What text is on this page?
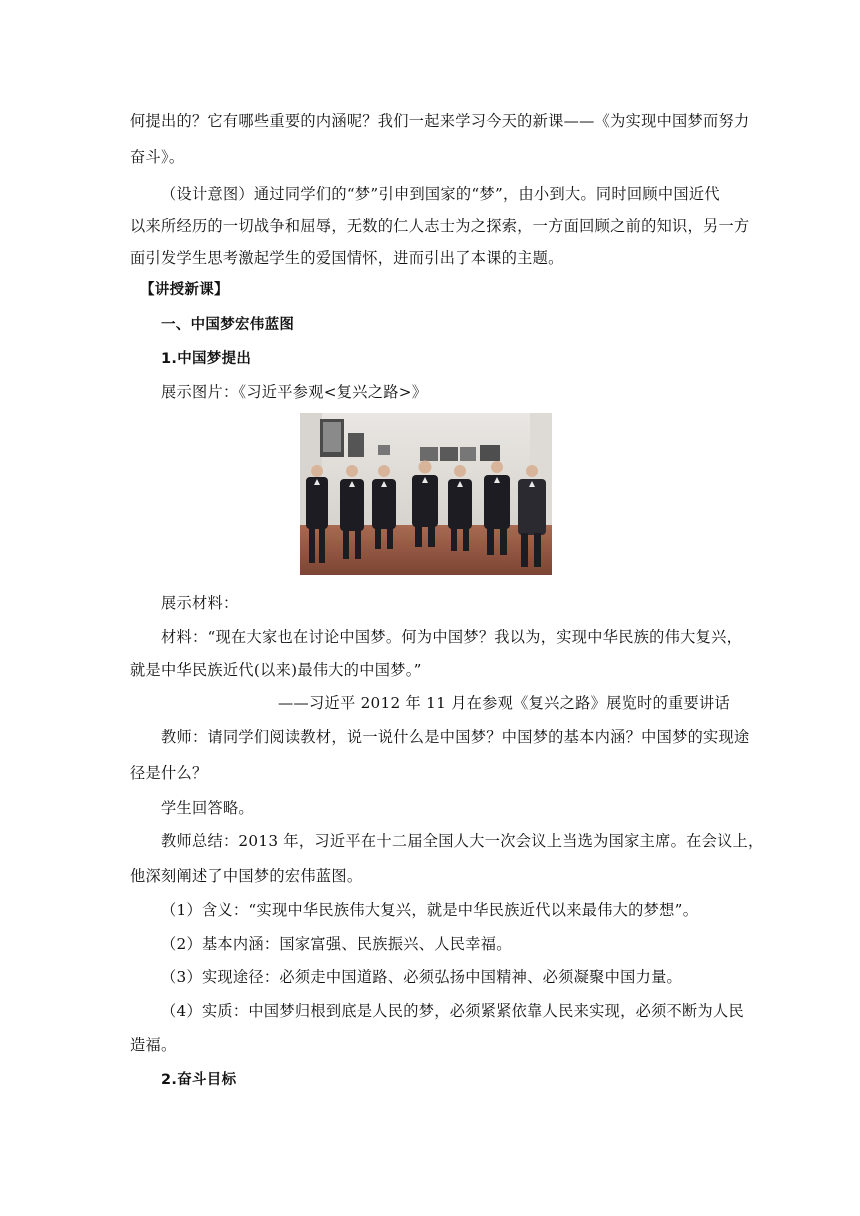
何提出的？它有哪些重要的内涵呢？我们一起来学习今天的新课——《为实现中国梦而努力
奋斗》。
（设计意图）通过同学们的“梦”引申到国家的“梦”，由小到大。同时回顾中国近代
以来所经历的一切战争和屈辱，无数的仁人志士为之探索，一方面回顾之前的知识，另一方
面引发学生思考激起学生的爱国情怀，进而引出了本课的主题。
【讲授新课】
一、中国梦宏伟蓝图
1.中国梦提出
展示图片：《习近平参观<复兴之路>》
展示材料：
材料：“现在大家也在讨论中国梦。何为中国梦？我以为，实现中华民族的伟大复兴，
就是中华民族近代(以来)最伟大的中国梦。”
——习近平 2012 年 11 月在参观《复兴之路》展览时的重要讲话
教师：请同学们阅读教材，说一说什么是中国梦？中国梦的基本内涵？中国梦的实现途
径是什么？
学生回答略。
教师总结：2013 年，习近平在十二届全国人大一次会议上当选为国家主席。在会议上，
他深刻阐述了中国梦的宏伟蓝图。
（1）含义：“实现中华民族伟大复兴，就是中华民族近代以来最伟大的梦想”。
（2）基本内涵：国家富强、民族振兴、人民幸福。
（3）实现途径：必须走中国道路、必须弘扬中国精神、必须凝聚中国力量。
（4）实质：中国梦归根到底是人民的梦，必须紧紧依靠人民来实现，必须不断为人民
造福。
2.奋斗目标
